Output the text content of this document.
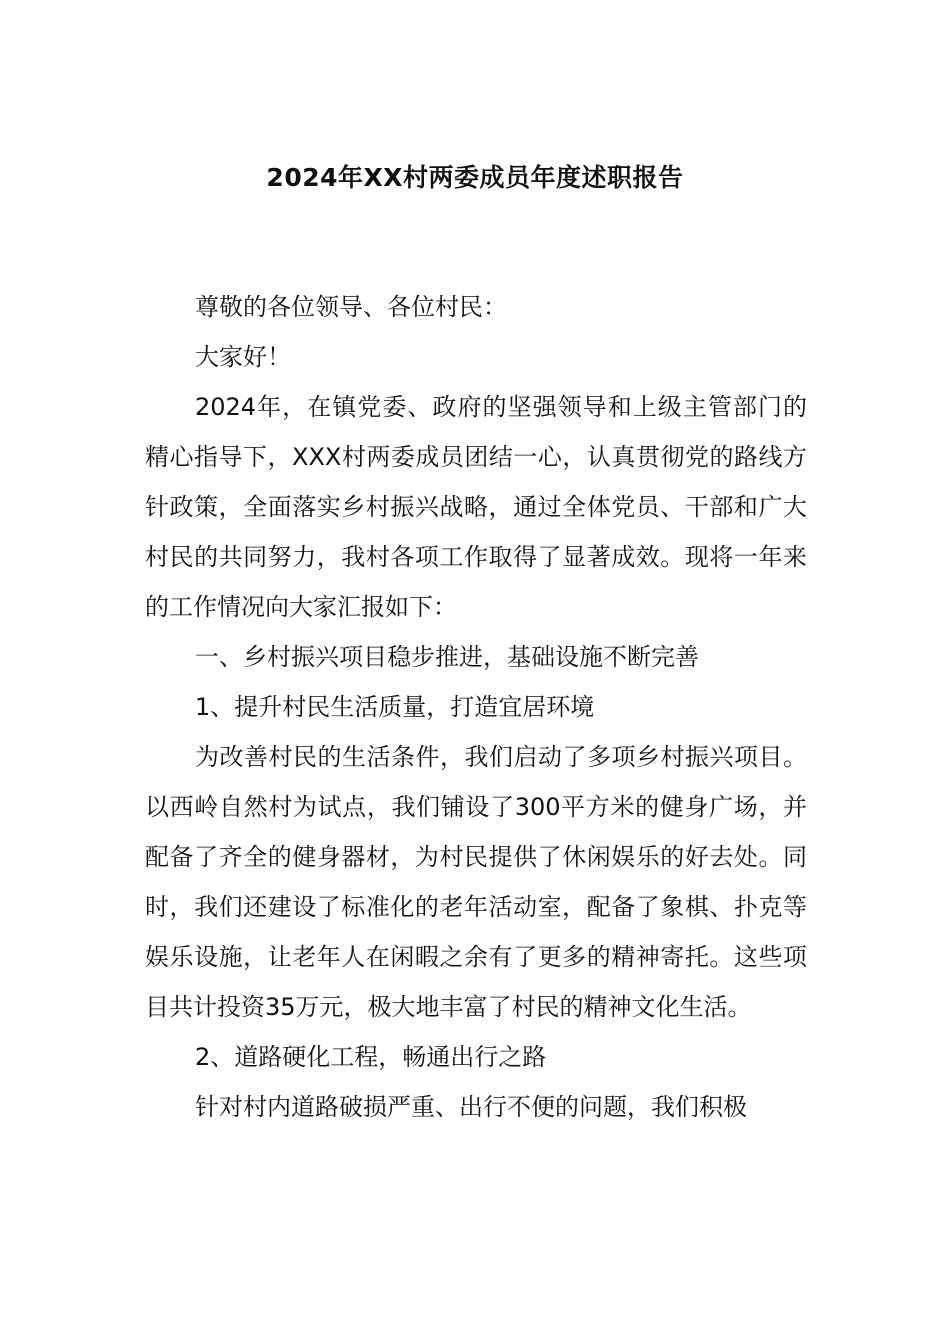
2024年XX村两委成员年度述职报告

尊敬的各位领导、各位村民：

大家好！

2024年，在镇党委、政府的坚强领导和上级主管部门的精心指导下，XXX村两委成员团结一心，认真贯彻党的路线方针政策，全面落实乡村振兴战略，通过全体党员、干部和广大村民的共同努力，我村各项工作取得了显著成效。现将一年来的工作情况向大家汇报如下：

一、乡村振兴项目稳步推进，基础设施不断完善

1、提升村民生活质量，打造宜居环境

为改善村民的生活条件，我们启动了多项乡村振兴项目。以西岭自然村为试点，我们铺设了300平方米的健身广场，并配备了齐全的健身器材，为村民提供了休闲娱乐的好去处。同时，我们还建设了标准化的老年活动室，配备了象棋、扑克等娱乐设施，让老年人在闲暇之余有了更多的精神寄托。这些项目共计投资35万元，极大地丰富了村民的精神文化生活。

2、道路硬化工程，畅通出行之路

针对村内道路破损严重、出行不便的问题，我们积极
